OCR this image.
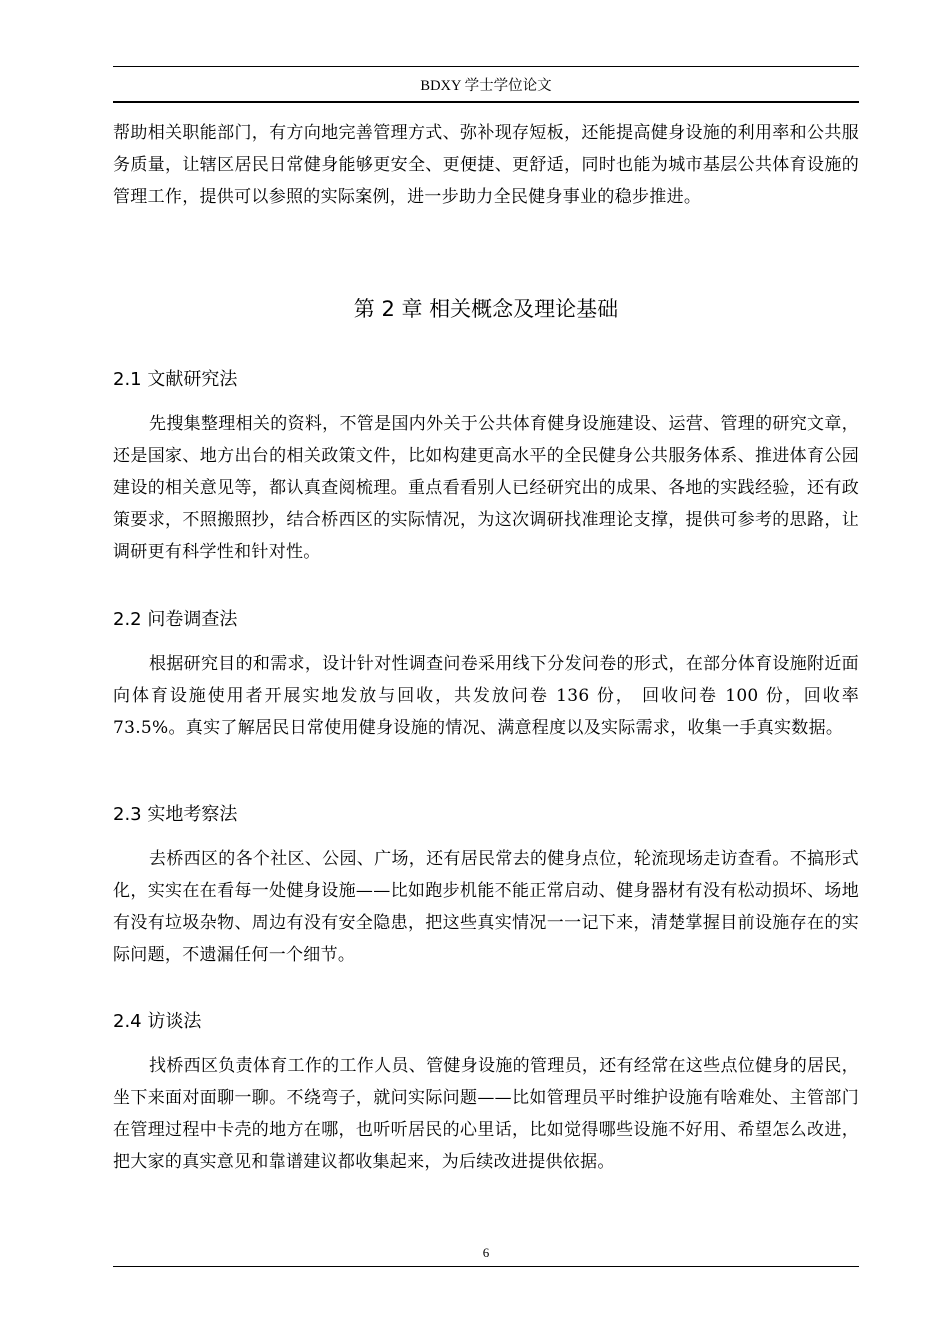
BDXY 学士学位论文

帮助相关职能部门，有方向地完善管理方式、弥补现存短板，还能提高健身设施的利用率和公共服务质量，让辖区居民日常健身能够更安全、更便捷、更舒适，同时也能为城市基层公共体育设施的管理工作，提供可以参照的实际案例，进一步助力全民健身事业的稳步推进。

第 2 章 相关概念及理论基础
2.1 文献研究法

先搜集整理相关的资料，不管是国内外关于公共体育健身设施建设、运营、管理的研究文章，还是国家、地方出台的相关政策文件，比如构建更高水平的全民健身公共服务体系、推进体育公园建设的相关意见等，都认真查阅梳理。重点看看别人已经研究出的成果、各地的实践经验，还有政策要求，不照搬照抄，结合桥西区的实际情况，为这次调研找准理论支撑，提供可参考的思路，让调研更有科学性和针对性。

2.2 问卷调查法

根据研究目的和需求，设计针对性调查问卷采用线下分发问卷的形式，在部分体育设施附近面向体育设施使用者开展实地发放与回收，共发放问卷 136 份， 回收问卷 100 份，回收率 73.5%。真实了解居民日常使用健身设施的情况、满意程度以及实际需求，收集一手真实数据。

2.3 实地考察法

去桥西区的各个社区、公园、广场，还有居民常去的健身点位，轮流现场走访查看。不搞形式化，实实在在看每一处健身设施——比如跑步机能不能正常启动、健身器材有没有松动损坏、场地有没有垃圾杂物、周边有没有安全隐患，把这些真实情况一一记下来，清楚掌握目前设施存在的实际问题，不遗漏任何一个细节。

2.4 访谈法

找桥西区负责体育工作的工作人员、管健身设施的管理员，还有经常在这些点位健身的居民，坐下来面对面聊一聊。不绕弯子，就问实际问题——比如管理员平时维护设施有啥难处、主管部门在管理过程中卡壳的地方在哪，也听听居民的心里话，比如觉得哪些设施不好用、希望怎么改进，把大家的真实意见和靠谱建议都收集起来，为后续改进提供依据。

6
